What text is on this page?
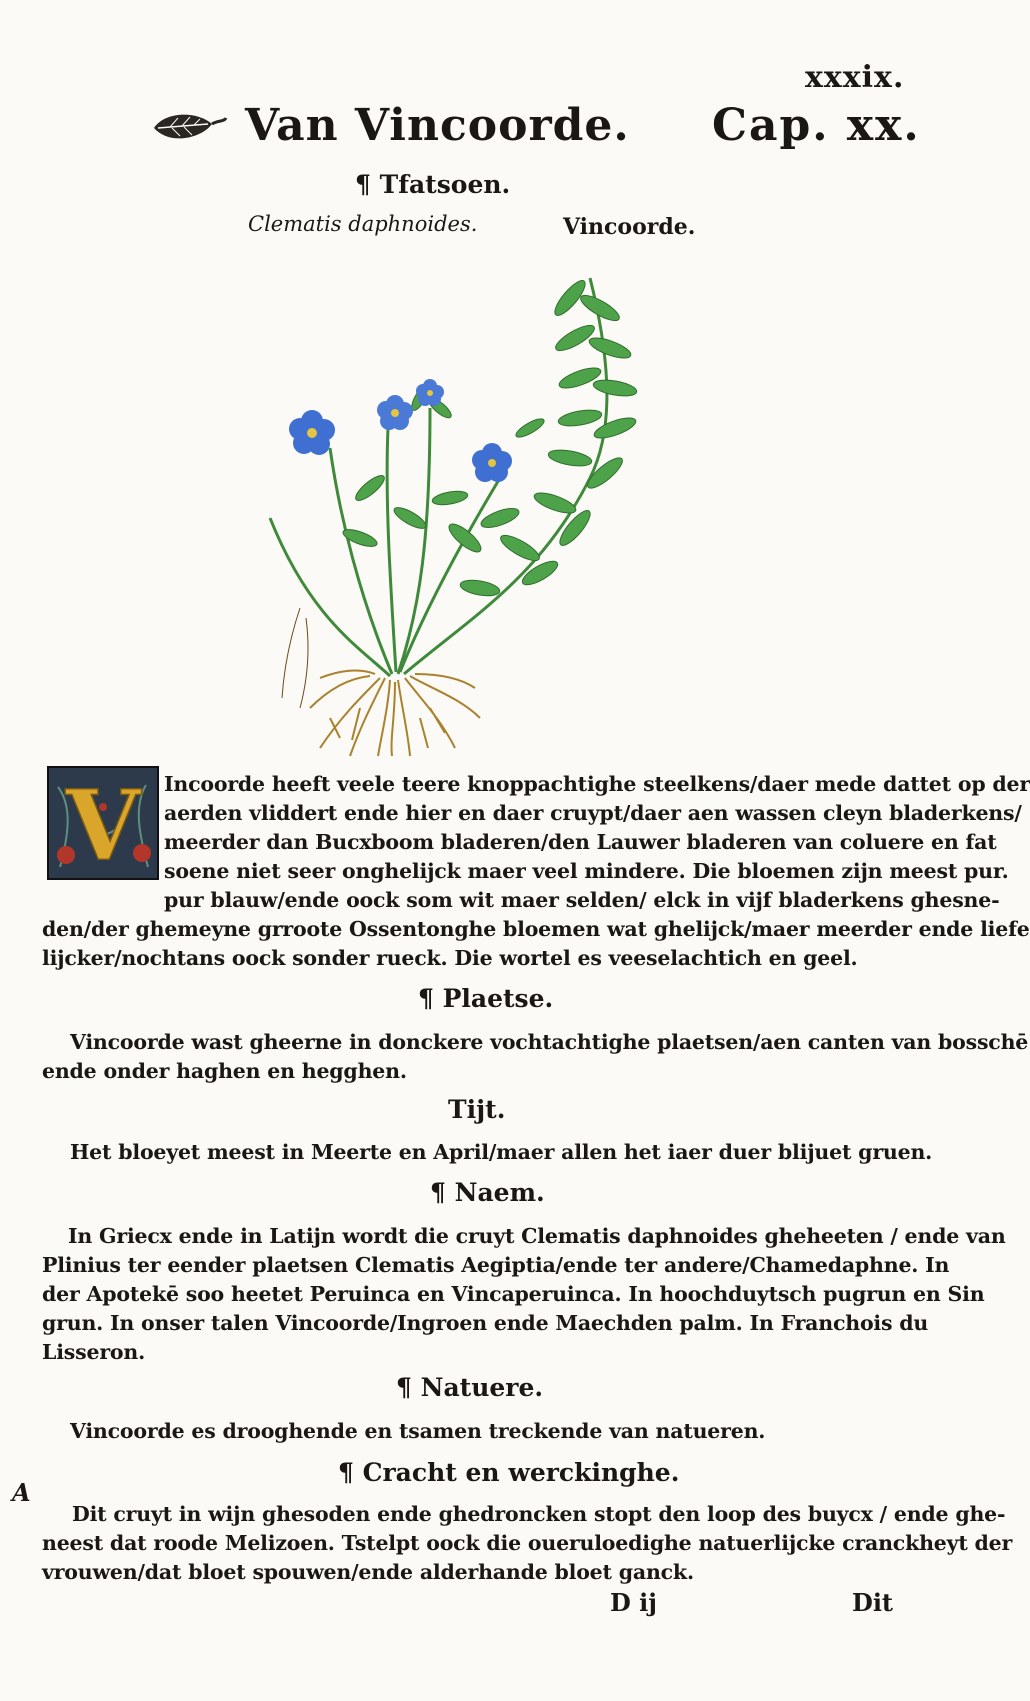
xxxix.
Van Vincoorde. Cap. xx.
¶ Tfatsoen.
Clematis daphnoides.	Vincoorde.
V Incoorde heeft veele teere knoppachtighe steelkens/daer mede dattet op der
aerden vliddert ende hier en daer cruypt/daer aen wassen cleyn bladerkens/
meerder dan Bucxboom bladeren/den Lauwer bladeren van coluere en fat
soene niet seer onghelijck maer veel mindere. Die bloemen zijn meest pur.
pur blauw/ende oock som wit maer selden/ elck in vijf bladerkens ghesne-
den/der ghemeyne grroote Ossentonghe bloemen wat ghelijck/maer meerder ende liefe
lijcker/nochtans oock sonder rueck. Die wortel es veeselachtich en geel.
¶ Plaetse.
Vincoorde wast gheerne in donckere vochtachtighe plaetsen/aen canten van bosschē
ende onder haghen en hegghen.
Tijt.
Het bloeyet meest in Meerte en April/maer allen het iaer duer blijuet gruen.
¶ Naem.
In Griecx ende in Latijn wordt die cruyt Clematis daphnoides gheheeten / ende van
Plinius ter eender plaetsen Clematis Aegiptia/ende ter andere/Chamedaphne. In
der Apotekē soo heetet Peruinca en Vincaperuinca. In hoochduytsch pugrun en Sin
grun. In onser talen Vincoorde/Ingroen ende Maechden palm. In Franchois du
Lisseron.
¶ Natuere.
Vincoorde es drooghende en tsamen treckende van natueren.
¶ Cracht en werckinghe.
A
Dit cruyt in wijn ghesoden ende ghedroncken stopt den loop des buycx / ende ghe-
neest dat roode Melizoen. Tstelpt oock die oueruloedighe natuerlijcke cranckheyt der
vrouwen/dat bloet spouwen/ende alderhande bloet ganck.
D ij	Dit
